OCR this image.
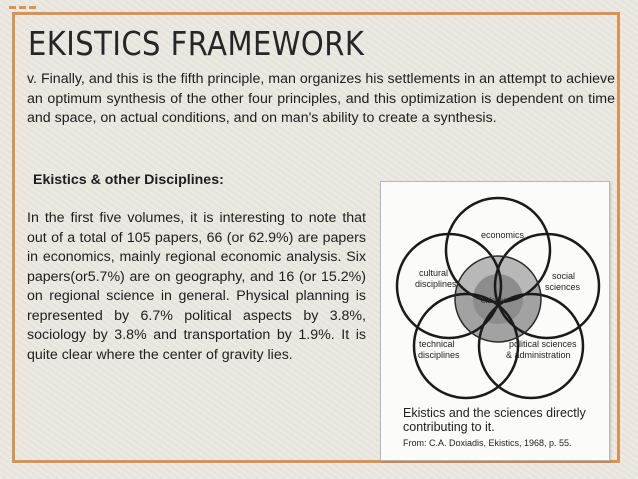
EKISTICS FRAMEWORK
v. Finally, and this is the fifth principle, man organizes his settlements in an attempt to achieve an optimum synthesis of the other four principles, and this optimization is dependent on time and space, on actual conditions, and on man's ability to create a synthesis.
Ekistics & other Disciplines:
In the first five volumes, it is interesting to note that out of a total of 105 papers, 66 (or 62.9%) are papers in economics, mainly regional economic analysis. Six papers(or5.7%) are on geography, and 16 (or 15.2%) on regional science in general. Physical planning is represented by 6.7% political aspects by 3.8%, sociology by 3.8% and transportation by 1.9%. It is quite clear where the center of gravity lies.
economics
cultural
disciplines
social
sciences
ekistics
technical
disciplines
political sciences
& administration
Ekistics and the sciences directly contributing to it.
From: C.A. Doxiadis, Ekistics, 1968, p. 55.
